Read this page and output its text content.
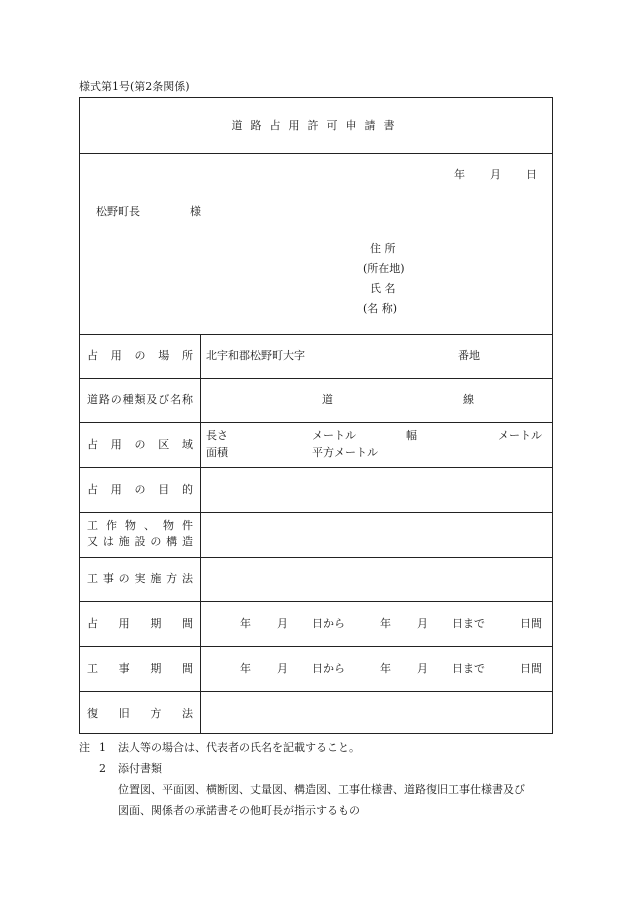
様式第1号(第2条関係)
道路占用許可申請書
年 月 日
松野町長	様
住 所
(所在地)
氏 名
(名 称)
占用の場所	北宇和郡松野町大字	番地
道路の種類及び名称	道	線
占用の区域
長さ	メートル	幅	メートル
面積	平方メートル
占用の目的
工作物、物件
又は施設の構造
工事の実施方法
占用期間	年 月 日から	年 月 日まで	日間
工事期間	年 月 日から	年 月 日まで	日間
復旧方法
注 1 法人等の場合は、代表者の氏名を記載すること。
2 添付書類
位置図、平面図、横断図、丈量図、構造図、工事仕様書、道路復旧工事仕様書及び
図面、関係者の承諾書その他町長が指示するもの
